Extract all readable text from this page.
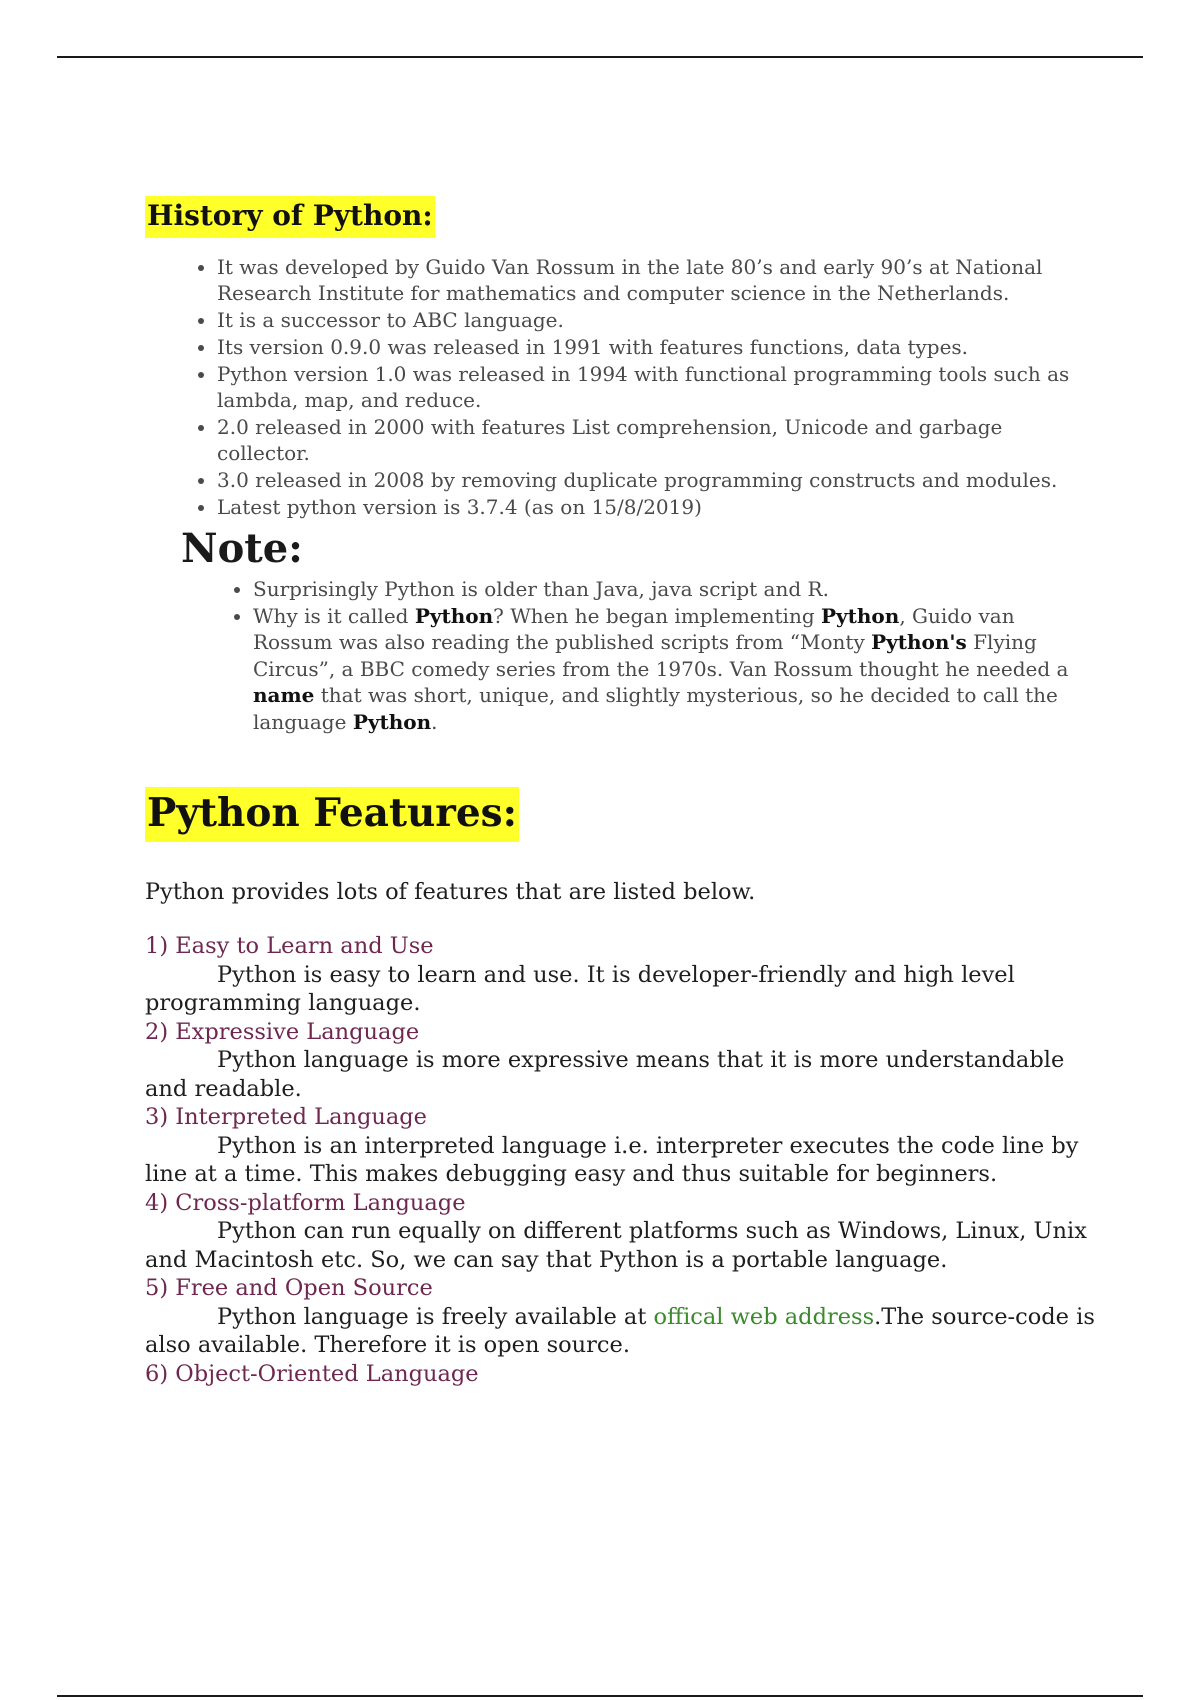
History of Python:
• It was developed by Guido Van Rossum in the late 80’s and early 90’s at National Research Institute for mathematics and computer science in the Netherlands.
• It is a successor to ABC language.
• Its version 0.9.0 was released in 1991 with features functions, data types.
• Python version 1.0 was released in 1994 with functional programming tools such as lambda, map, and reduce.
• 2.0 released in 2000 with features List comprehension, Unicode and garbage collector.
• 3.0 released in 2008 by removing duplicate programming constructs and modules.
• Latest python version is 3.7.4 (as on 15/8/2019)
Note:
• Surprisingly Python is older than Java, java script and R.
• Why is it called Python? When he began implementing Python, Guido van Rossum was also reading the published scripts from “Monty Python's Flying Circus”, a BBC comedy series from the 1970s. Van Rossum thought he needed a name that was short, unique, and slightly mysterious, so he decided to call the language Python.
Python Features:
Python provides lots of features that are listed below.
1) Easy to Learn and Use
Python is easy to learn and use. It is developer-friendly and high level programming language.
2) Expressive Language
Python language is more expressive means that it is more understandable and readable.
3) Interpreted Language
Python is an interpreted language i.e. interpreter executes the code line by line at a time. This makes debugging easy and thus suitable for beginners.
4) Cross-platform Language
Python can run equally on different platforms such as Windows, Linux, Unix and Macintosh etc. So, we can say that Python is a portable language.
5) Free and Open Source
Python language is freely available at offical web address.The source-code is also available. Therefore it is open source.
6) Object-Oriented Language
